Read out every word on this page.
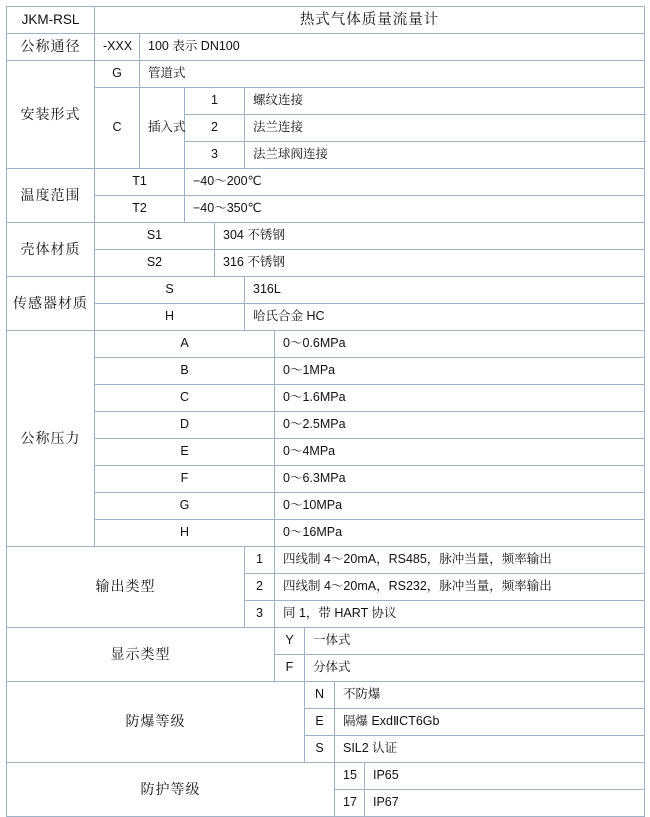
JKM-RSL	热式气体质量流量计								

公称通径	-XXX	100 表示 DN100							

安装形式	G	管道式							

	C	插入式	1		螺纹连接				

			2		法兰连接				

			3		法兰球阀连接				

温度范围	T1		−40〜200℃						

	T2		−40〜350℃						

壳体材质	S1			304 不锈钢					

	S2			316 不锈钢					

传感器材质	S				316L				

	H				哈氏合金 HC				

公称压力	A					0〜0.6MPa			

	B					0〜1MPa			

	C					0〜1.6MPa			

	D					0〜2.5MPa			

	E					0〜4MPa			

	F					0〜6.3MPa			

	G					0〜10MPa			

	H					0〜16MPa			

输出类型					1	四线制 4〜20mA，RS485，脉冲当量，频率输出			

					2	四线制 4〜20mA，RS232，脉冲当量，频率输出			

					3	同 1，带 HART 协议			

显示类型						Y	一体式		

						F	分体式		

防爆等级							N	不防爆	

							E	隔爆 ExdⅡCT6Gb	

							S	SIL2 认证	

防护等级								15	IP65

								17	IP67
